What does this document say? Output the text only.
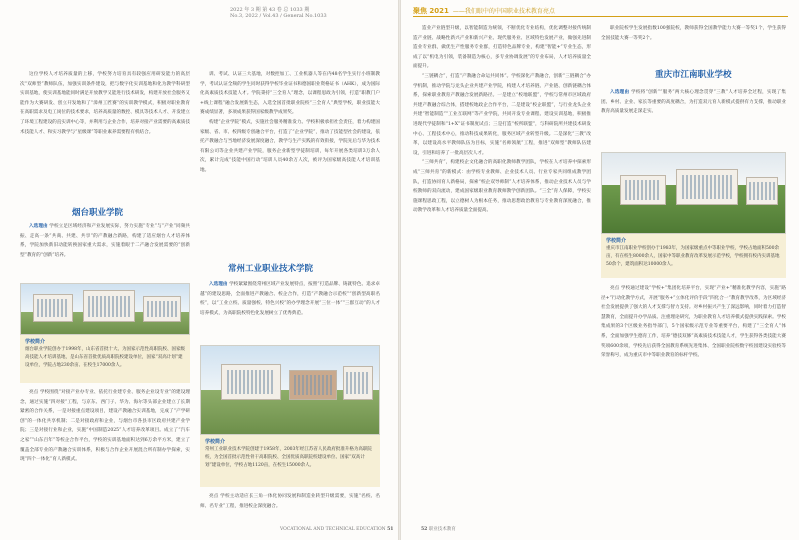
2022 年 3 期 第 43 卷 总 1033 期
No.3, 2022 / Vol.43 / General No.1033

这位学校人才培养质量的上移，学校努力培育具有较强应用研发能力的高层次“双师型”教师队伍，加强实训条件建设，把与数字化实训基地和化为教学科研型实训基地，使实训基地能同时满足开放教学又能进行技术研发，构建开放社会服务又能作为大赛研发、创立开发地和了“漳州工匠赛”的实训教学模式，积极对职业教育在高职需求及电工岗位的技术要求，培养高质量的数控、模具等技术人才、开发建立了环境工程建设的直实训中心等，并利用与企业合作，培养对接产业需要的高素质技术技能人才、和实习教学与“星级课”等职业素养需要程有机结合。

烟台职业学院

入选理由 学校立足区域经济和产业发展实际，努力实施“专业”与“产业”同频共振、走高一条“共商、共建、共享”的产教融合新路，构建了适应烟台人才培养体系，学院加快新旧动能转换国家重大需求，实施着眼于二产融合发展需要的“创新型”教育的“创新”培养。

学校简介
烟台职业学院创办于1998年，山东省首批十大、为国家示范性高职院校、国家级高技能人才培训基地，是山东省首批优质高职院校建设单位，国家“双高计划”建设单位，学院占地230余亩、在校生17000余人。

亮点 学校围绕“对接产业办专业、依托行业建专业、服务企业设专业”的建设理念，通过实施“四对接”工程，与京东、西门子、华为、海尔等头部企业建立了长期紧密的合作关系，一是对接重点建设项目，建设产教融合实训基地，完成了“产学研创”的一体化共享机制；二是对接政府和企业，与烟台市各县市区政府共建产业学院；三是对接行业和企业，实施“中国制造2025”人才培养改革项目。成立了“汽车之家”“山东百年”等校企合作平台，学校的实训基地面积达到6万余平方米，建立了覆盖全部专业的产教融合实训体系，积极与合作企业开展混合所有制办学探索，实现“四个一体化”育人新模式。

训、考试、认证三大基地，对数控加工、工业机器人等在内48名学生实行小班制教学，考试认证全频的学生同时获得学校毕业证书和德国职业资格证书（AHK），成为国际化高素质技术技能人才。学院秉持“三全育人”理念，以课程思政为引领，打造“职教门户+线上课程”融合发展新生态，入选全国首批职业院校“三全育人”典型学校，职业技能大赛成绩显著，多项成果获得国家级教学成果奖。

构建“企业学院”模式，实施社会服务精准发力。学校积极承担社会责任，着力构建国家级、省、市、校四级专创融合平台，打造了“企业学院”，推动了技能型社会的建设，依托产教融合与当地经济发展深度融合，教学与生产实践的有效衔接，学院先后与华为技术有限公司等企业共建产业学院，服务企业新型学徒制培训，每年开展各类培训3万余人次，累计完成“技能中国行动”培训人员40余万人次，被评为国家级高技能人才培训基地。

常州工业职业技术学院

入选理由 学校紧紧围绕常州区域产业发展特点，按照“打造品牌、铸就特色、追求卓越”的建设思路，全面推进产教融合、校企合作，打造“产教融合示范校”“创新型高职名校”，以“工业立校、质量强校、特色兴校”的办学理念开展“三位一体”“三群互动”的人才培养模式，为高职院校特色化发展树立了优秀典范。

学校简介
常州工业职业技术学院创建于1958年，2003年经江苏省人民政府批准升格为高职院校，为全国首批示范性骨干高职院校、全国优质高职院校建设单位、国家“双高计划”建设单位，学校占地1120亩，在校生15000余人。

亮点 学校主动适应长三角一体化协同发展和制造业转型升级需要，实施“名校、名师、名专业”工程，推进校企深度融合。

VOCATIONAL AND TECHNICAL EDUCATION 51
聚焦 2021 ——我们眼中的中国职业技术教育亮点

造业产业链型升级，以智能制造为统领，不断优化专业结构，优化调整对接传统制造产业链、战略性新兴产业和新兴产业、现代服务业、区域特色发展产业，做强先进制造业专业群，做优生产性服务专业群，打造特色品牌专业，构建“智能+”专业生态，形成了以“机电为引领，装备制造为核心，多专业协调发展”的专业布局，人才培养质量全面提升。

“三链耦合”，打造“产教融合命运共同体”。学校深化产教融合，创新“三链耦合”办学机制，推动学院与龙头企业共建产业学院，构建人才培养链、产业链、创新链耦合体系，探索职业教育产教融合发展新路径。一是建立“校地联盟”，学校与常州市区域政府共建产教融合综合体，搭建校地政企合作平台，二是建设“校企联盟”，与行业龙头企业共建“智能制造”“工业互联网”等产业学院，共同开发专业课程、建设实训基地，积极推进现代学徒制和“1+X”证书制度试点；三是打造“校所联盟”，与科研院所共建技术研发中心、工程技术中心，推动科技成果转化，服务区域产业转型升级。二是深化“三教”改革，以建设高水平教师队伍为目标，实施“名师领航”工程，推进“双师型”教师队伍建设，引进和培养了一批高层次人才。

“三师共育”，构建校企文化融合的高职化教师教学团队，学校在人才培养中探索形成“三师共育”的新模式：由学校专业教师、企业技术人员、行业专家共同组成教学团队，打造协同育人新格局，探索“校企双导师制”人才培养体系，推动企业技术人员与学校教师的双向流动，建成国家级职业教育教师教学创新团队。“三全”育人保障，学校实施课程思政工程，以立德树人为根本任务，推动思想政治教育与专业教育深度融合，推动教学改革和人才培养质量全面提高。

职业院校学生发展指数100强院校，教师获得全国教学能力大赛一等奖1个，学生获得全国技能大赛一等奖2个。

重庆市江南职业学校

入选理由 学校将“创新”“服务”两大核心理念贯穿“三教”人才培养全过程，实现了集团、乡村、企业、家长等重要的高度耦合，为打造双元育人新模式提供有力支撑，推动职业教育高质量发展走深走实。

学校简介
重庆市江南职业学校创办于1983年，为国家级重点中等职业学校，学校占地面积500余亩，有在校生8000余人，国家中等职业教育改革发展示范学校，学校拥有校内实训基地50余个，建筑面积达10000余人。

亮点 学校通过建设“学校+”集团化培养平台，实现“产业+”精准化教学内容，实施“路径+”行动化教学方式，开展“服务+”立体化评价手段“四化合一”教育教学改革，为区域经济社会发展提供了强大的人才支撑与智力支持。对乡村振兴产生了深远影响，同时着力打造智慧教育，全面提升办学品质。注重理论研究，为职业教育人才培养模式提供实践探索。学校集成果的3个区级业务指导部门，5个国家级示范专业等重要平台，构建了“三全育人”体系，全面加强学生德育工作，培养“德技双修”高素质技术技能人才，学生获得各类技能大赛奖项600余项，学校先后获得全国教育系统先进集体、全国职业院校数字校园建设实验校等荣誉称号，成为重庆市中等职业教育的标杆学校。

52 职业技术教育
